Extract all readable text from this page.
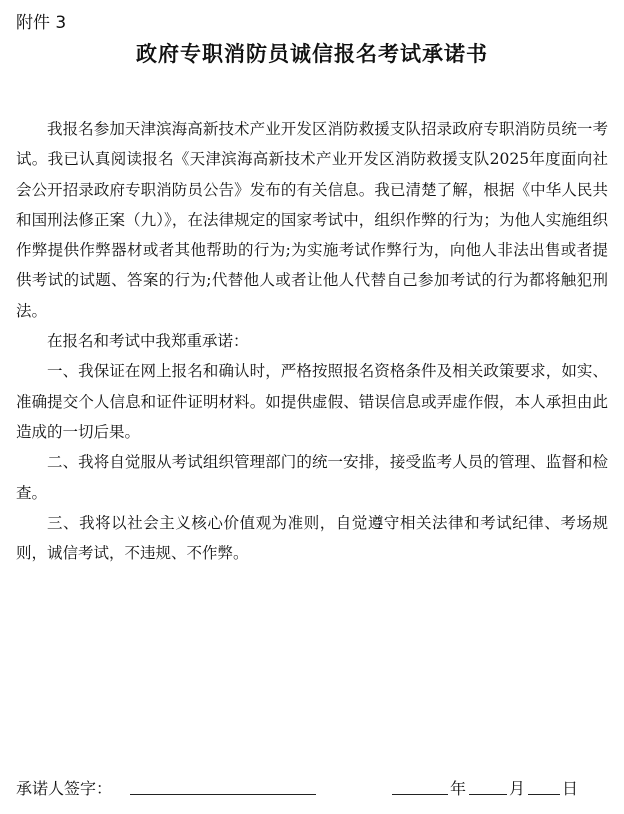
附件 3
政府专职消防员诚信报名考试承诺书

我报名参加天津滨海高新技术产业开发区消防救援支队招录政府专职消防员统一考试。我已认真阅读报名《天津滨海高新技术产业开发区消防救援支队2025年度面向社会公开招录政府专职消防员公告》发布的有关信息。我已清楚了解，根据《中华人民共和国刑法修正案（九）》，在法律规定的国家考试中，组织作弊的行为；为他人实施组织作弊提供作弊器材或者其他帮助的行为;为实施考试作弊行为，向他人非法出售或者提供考试的试题、答案的行为;代替他人或者让他人代替自己参加考试的行为都将触犯刑法。

在报名和考试中我郑重承诺：

一、我保证在网上报名和确认时，严格按照报名资格条件及相关政策要求，如实、准确提交个人信息和证件证明材料。如提供虚假、错误信息或弄虚作假，本人承担由此造成的一切后果。

二、我将自觉服从考试组织管理部门的统一安排，接受监考人员的管理、监督和检查。

三、我将以社会主义核心价值观为准则，自觉遵守相关法律和考试纪律、考场规则，诚信考试，不违规、不作弊。

承诺人签字：	年	月 日
